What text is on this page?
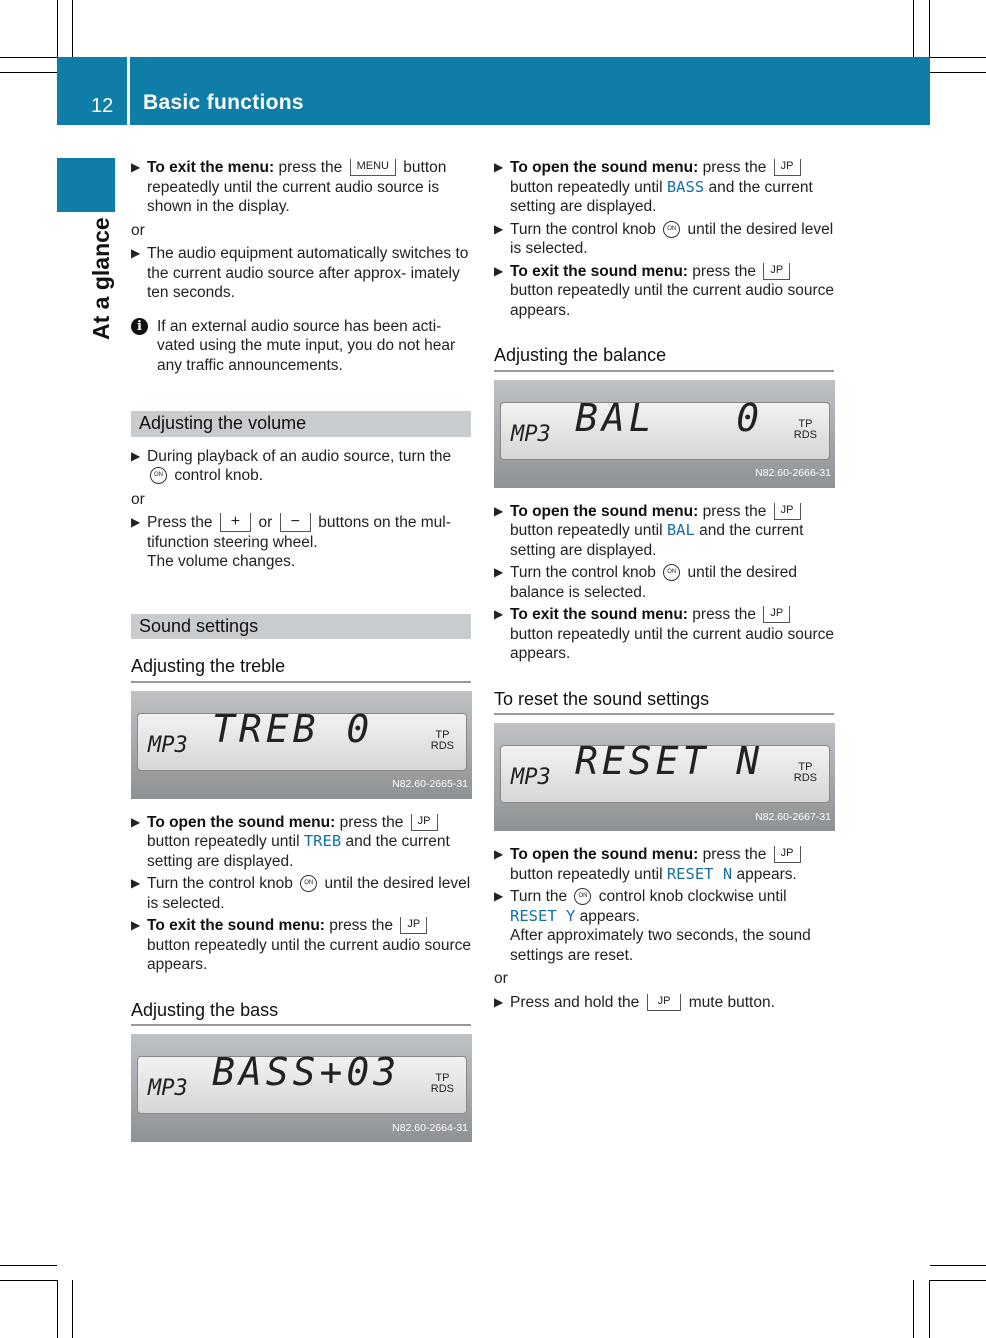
12 Basic functions
At a glance

▶ To exit the menu: press the MENU button repeatedly until the current audio source is shown in the display.

or

▶ The audio equipment automatically switches to the current audio source after approx- imately ten seconds.

i If an external audio source has been acti- vated using the mute input, you do not hear any traffic announcements.
Adjusting the volume

▶ During playback of an audio source, turn the ON control knob.

or

▶ Press the + or − buttons on the mul- tifunction steering wheel.
The volume changes.

Sound settings
Adjusting the treble
MP3 TREB 0	TP
RDS
N82.60-2665-31

▶ To open the sound menu: press the JP button repeatedly until TREB and the current setting are displayed.

▶ Turn the control knob ON until the desired level is selected.

▶ To exit the sound menu: press the JP button repeatedly until the current audio source appears.

Adjusting the bass
MP3 BASS+03	TP
RDS
N82.60-2664-31

▶ To open the sound menu: press the JP button repeatedly until BASS and the current setting are displayed.

▶ Turn the control knob ON until the desired level is selected.

▶ To exit the sound menu: press the JP button repeatedly until the current audio source appears.

Adjusting the balance
MP3 BAL   0	TP
RDS
N82.60-2666-31

▶ To open the sound menu: press the JP button repeatedly until BAL and the current setting are displayed.

▶ Turn the control knob ON until the desired balance is selected.

▶ To exit the sound menu: press the JP button repeatedly until the current audio source appears.

To reset the sound settings
MP3 RESET N	TP
RDS
N82.60-2667-31

▶ To open the sound menu: press the JP button repeatedly until RESET N appears.

▶ Turn the ON control knob clockwise until RESET Y appears.
After approximately two seconds, the sound settings are reset.

or

▶ Press and hold the JP mute button.
